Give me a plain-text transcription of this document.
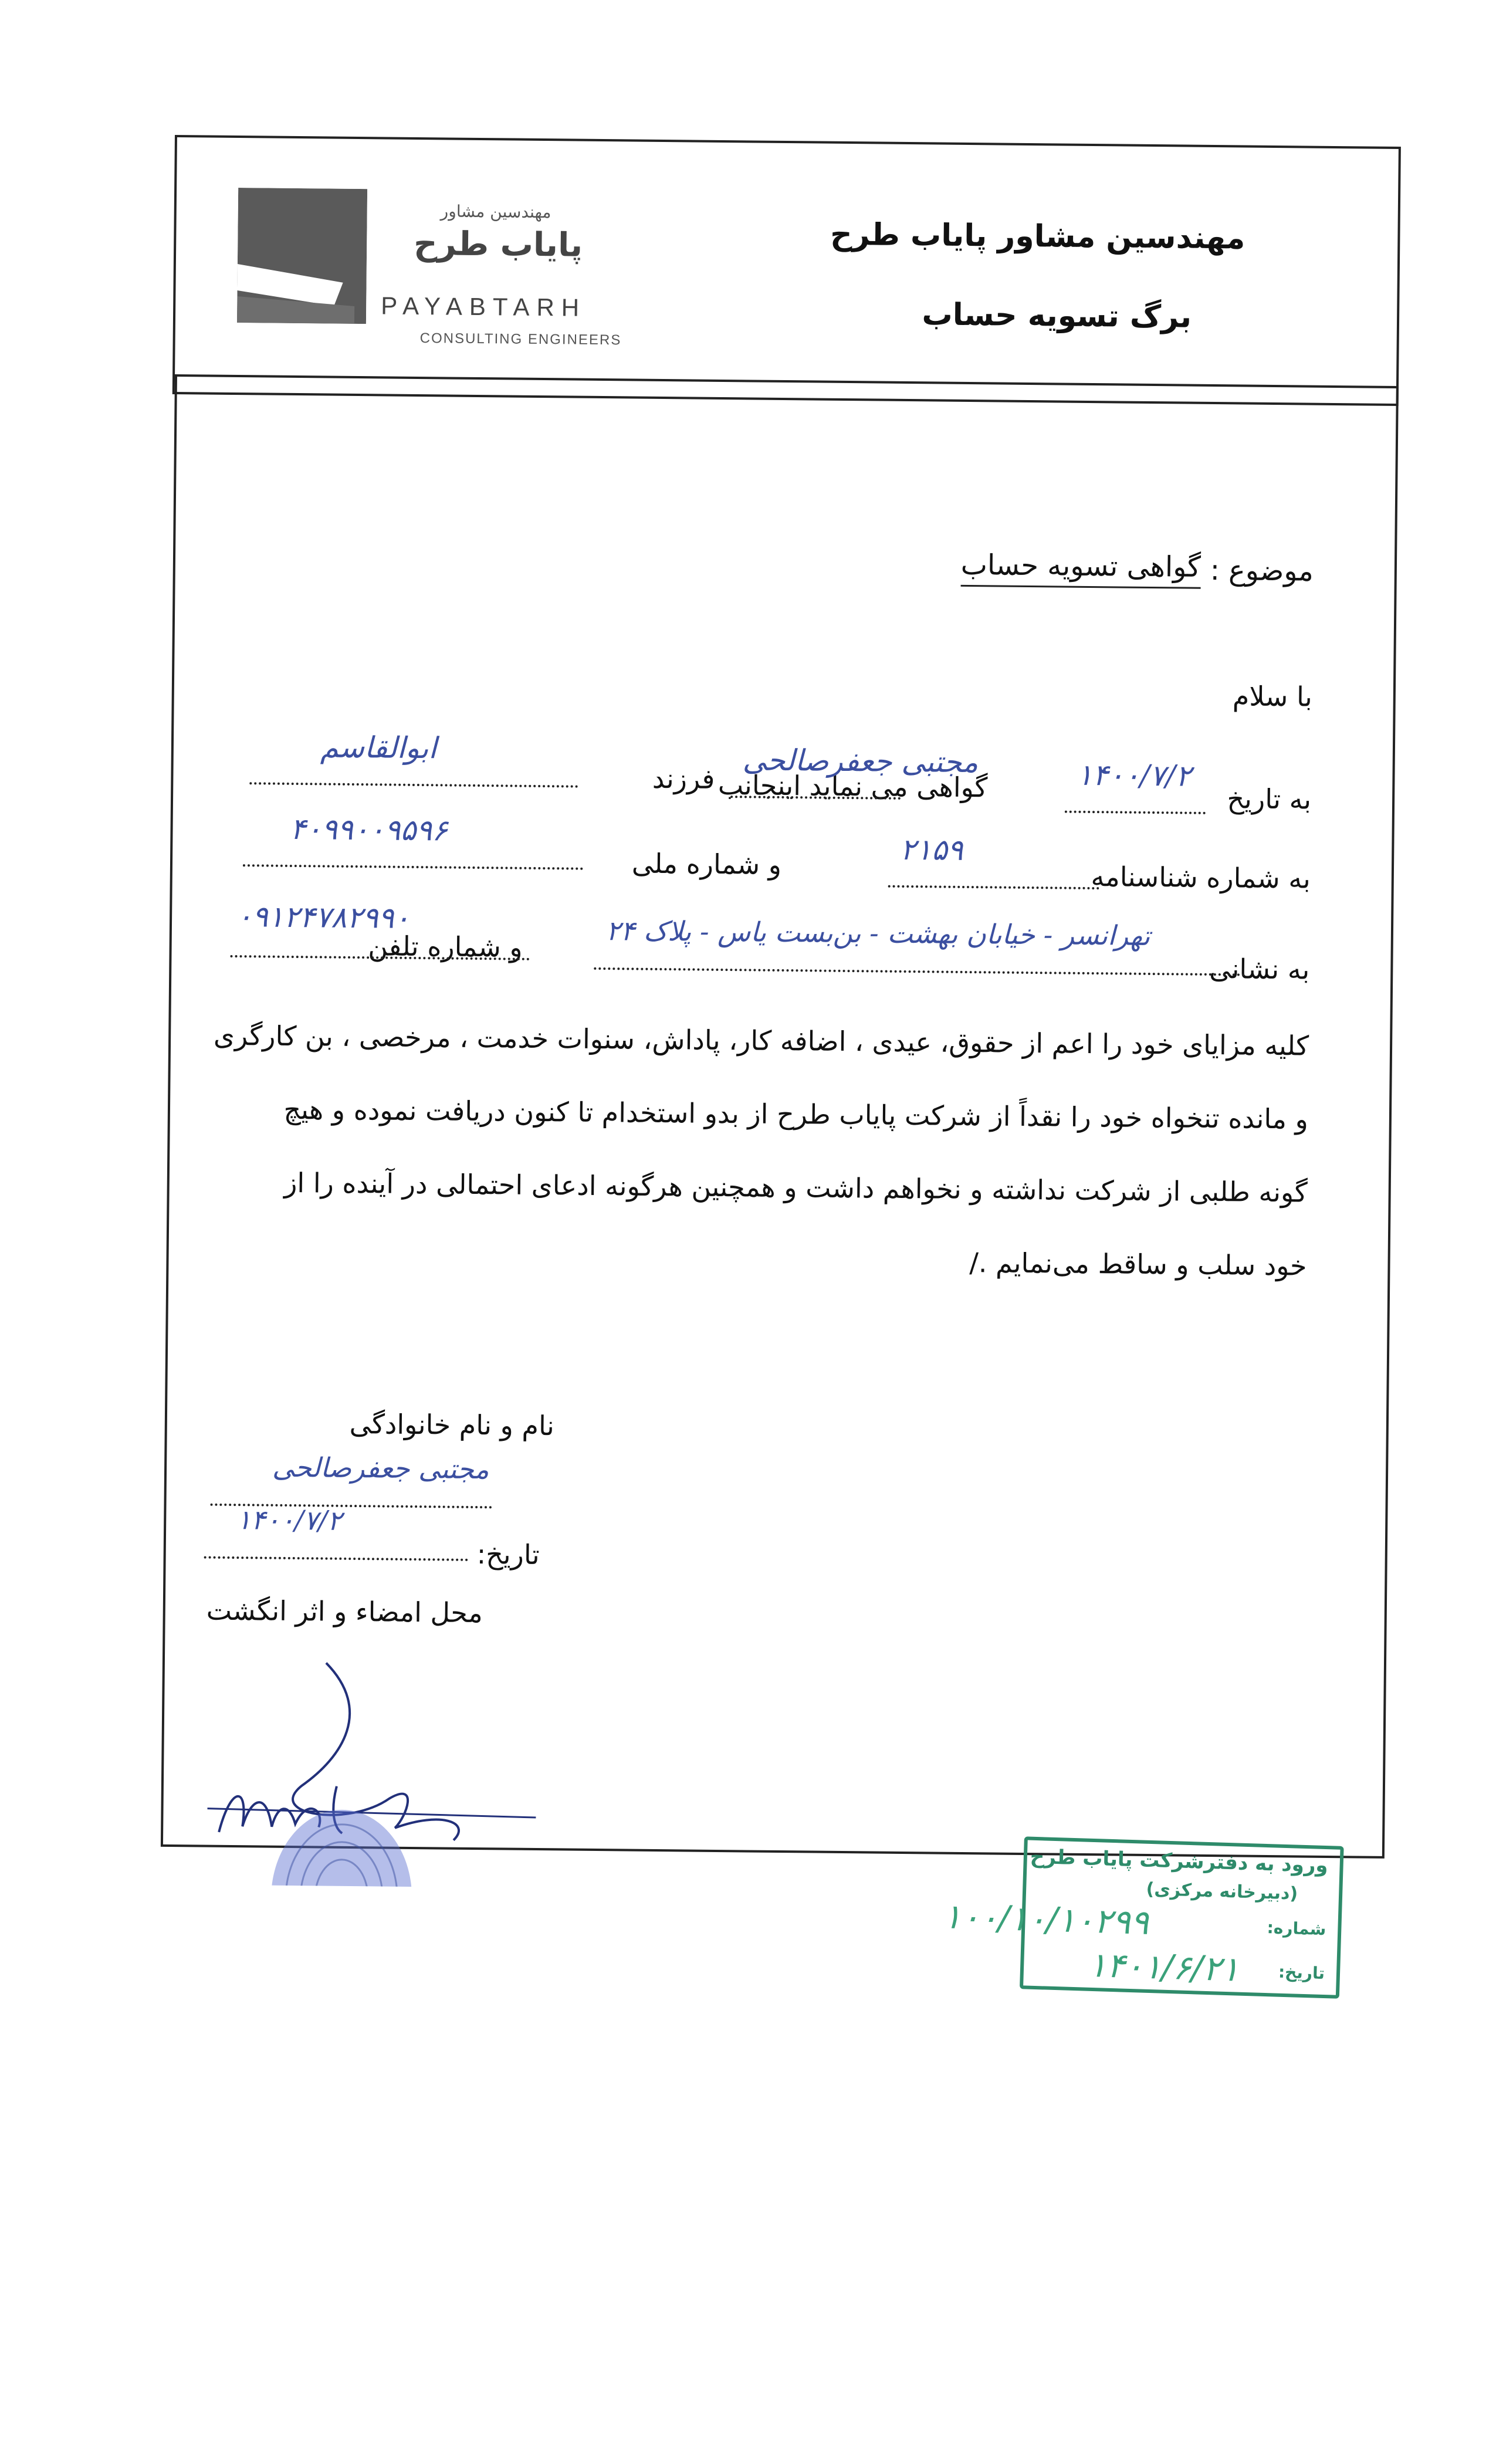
مهندسین مشاور پایاب طرح
برگ تسویه حساب
مهندسین مشاور
پایاب طرح
PAYABTARH
CONSULTING ENGINEERS
موضوع :
گواهی تسویه حساب
با سلام
به تاریخ
۱۴۰۰/۷/۲
گواهی می نماید اینجانب
مجتبی جعفرصالحی
فرزند
ابوالقاسم
به شماره شناسنامه
۲۱۵۹
و شماره ملی
۴۰۹۹۰۰۹۵۹۶
به نشانی
تهرانسر - خیابان بهشت - بن‌بست یاس - پلاک ۲۴
و شماره تلفن
۰۹۱۲۴۷۸۲۹۹۰
کلیه مزایای خود را اعم از حقوق، عیدی ، اضافه کار، پاداش، سنوات خدمت ، مرخصی ، بن کارگری
و مانده تنخواه خود را نقداً از شرکت پایاب طرح از بدو استخدام تا کنون دریافت نموده و هیچ
گونه طلبی از شرکت نداشته و نخواهم داشت و همچنین هرگونه ادعای احتمالی در آینده را از
خود سلب و ساقط می‌نمایم ./
نام و نام خانوادگی
مجتبی جعفرصالحی
تاریخ:
۱۴۰۰/۷/۲
محل امضاء و اثر انگشت
ورود به دفترشرکت پایاب طرح
(دبیرخانه مرکزی)
شماره:
تاریخ:
۱۰۰/۱۰/۱۰۲۹۹
۱۴۰۱/۶/۲۱
